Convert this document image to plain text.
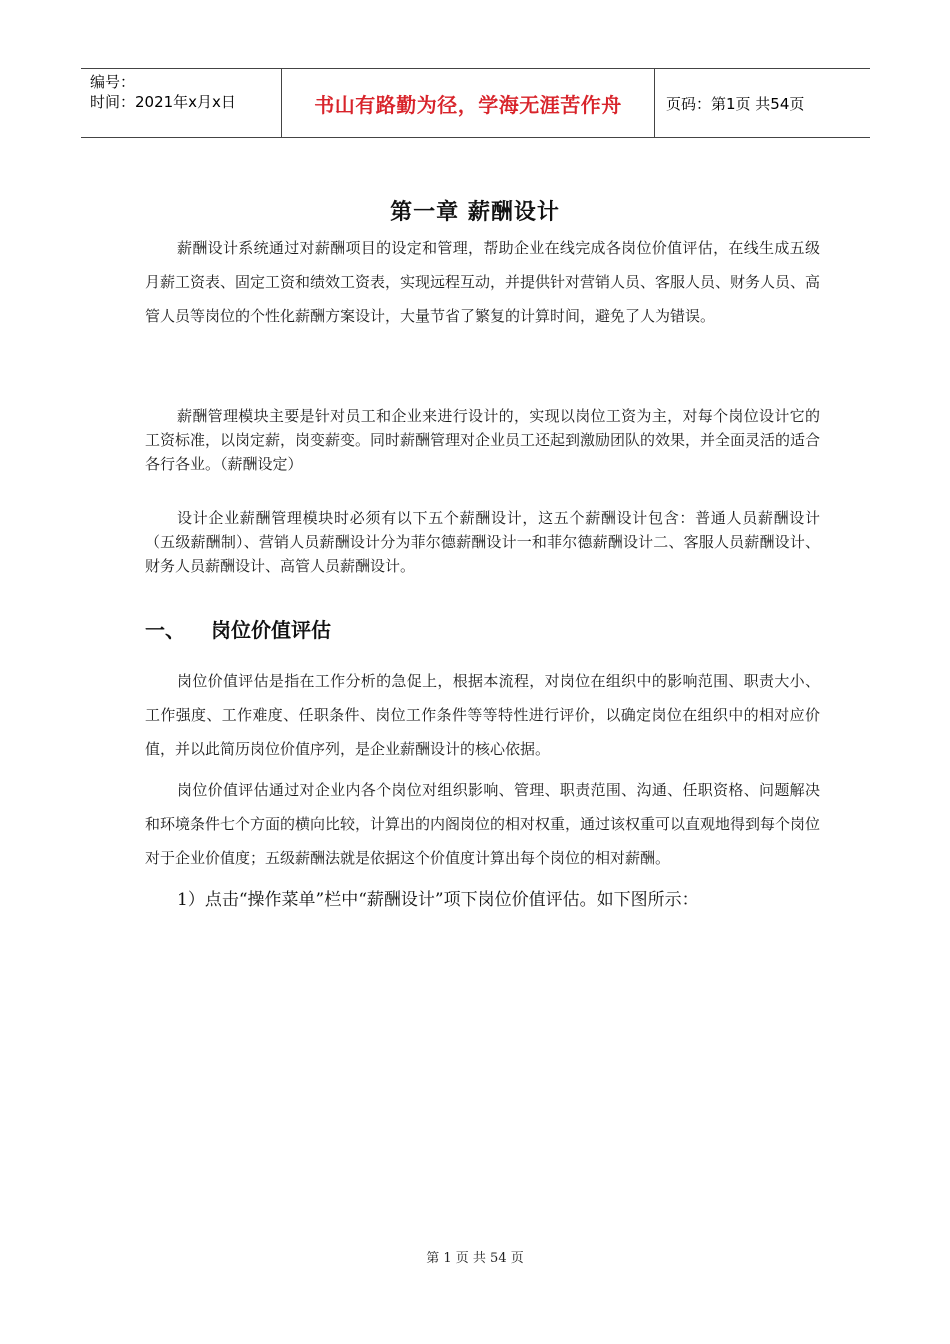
编号：
时间：2021年x月x日	书山有路勤为径，学海无涯苦作舟	页码：第1页 共54页
第一章 薪酬设计

薪酬设计系统通过对薪酬项目的设定和管理，帮助企业在线完成各岗位价值评估，在线生成五级月薪工资表、固定工资和绩效工资表，实现远程互动，并提供针对营销人员、客服人员、财务人员、高管人员等岗位的个性化薪酬方案设计，大量节省了繁复的计算时间，避免了人为错误。

薪酬管理模块主要是针对员工和企业来进行设计的，实现以岗位工资为主，对每个岗位设计它的工资标准，以岗定薪，岗变薪变。同时薪酬管理对企业员工还起到激励团队的效果，并全面灵活的适合各行各业。（薪酬设定）

设计企业薪酬管理模块时必须有以下五个薪酬设计，这五个薪酬设计包含：普通人员薪酬设计（五级薪酬制）、营销人员薪酬设计分为菲尔德薪酬设计一和菲尔德薪酬设计二、客服人员薪酬设计、财务人员薪酬设计、高管人员薪酬设计。

一、 岗位价值评估

岗位价值评估是指在工作分析的急促上，根据本流程，对岗位在组织中的影响范围、职责大小、工作强度、工作难度、任职条件、岗位工作条件等等特性进行评价，以确定岗位在组织中的相对应价值，并以此简历岗位价值序列，是企业薪酬设计的核心依据。

岗位价值评估通过对企业内各个岗位对组织影响、管理、职责范围、沟通、任职资格、问题解决和环境条件七个方面的横向比较，计算出的内阁岗位的相对权重，通过该权重可以直观地得到每个岗位对于企业价值度；五级薪酬法就是依据这个价值度计算出每个岗位的相对薪酬。

1）点击“操作菜单”栏中“薪酬设计”项下岗位价值评估。如下图所示：
第 1 页 共 54 页
